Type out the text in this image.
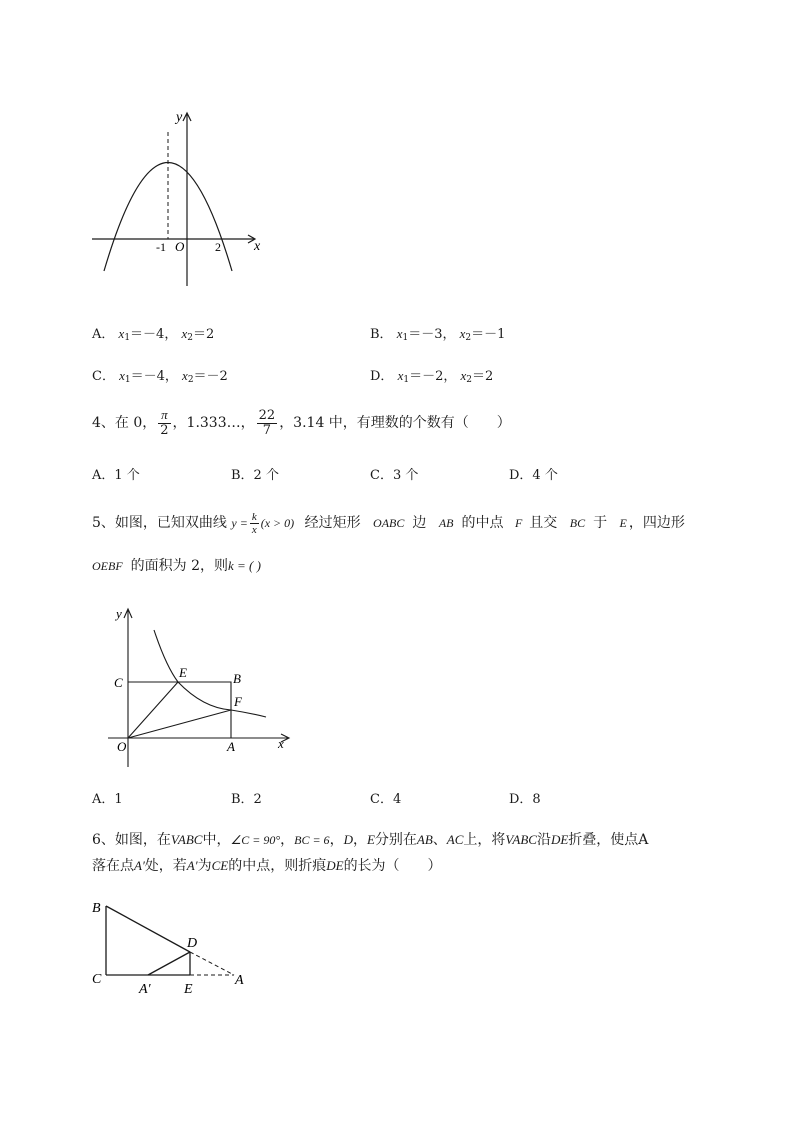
y
x
O
-1	2
A． $x_1=-4$， $x_2=2$	B． $x_1=-3$， $x_2=-1$
C． $x_1=-4$， $x_2=-2$	D． $x_1=-2$， $x_2=2$
4、在 0， $\frac{\pi}{2}$ ，1.333…， $\frac{22}{7}$ ，3.14 中，有理数的个数有（　　）
A．1 个	B．2 个	C．3 个	D．4 个
5、如图，已知双曲线 $y = \frac{k}{x} (x > 0)$ 经过矩形 OABC 边 AB 的中点 F 且交 BC 于 E ，四边形
OEBF 的面积为 2，则k = ( )
y
x
C
E	B
F
O	A
A．1	B．2	C．4	D．8
6、如图，在VABC中，∠C = 90°，BC = 6，D，E分别在AB、AC上，将VABC沿DE折叠，使点A
落在点A′处，若A′为CE的中点，则折痕DE的长为（　　）
B
D
C
A′ E
A
